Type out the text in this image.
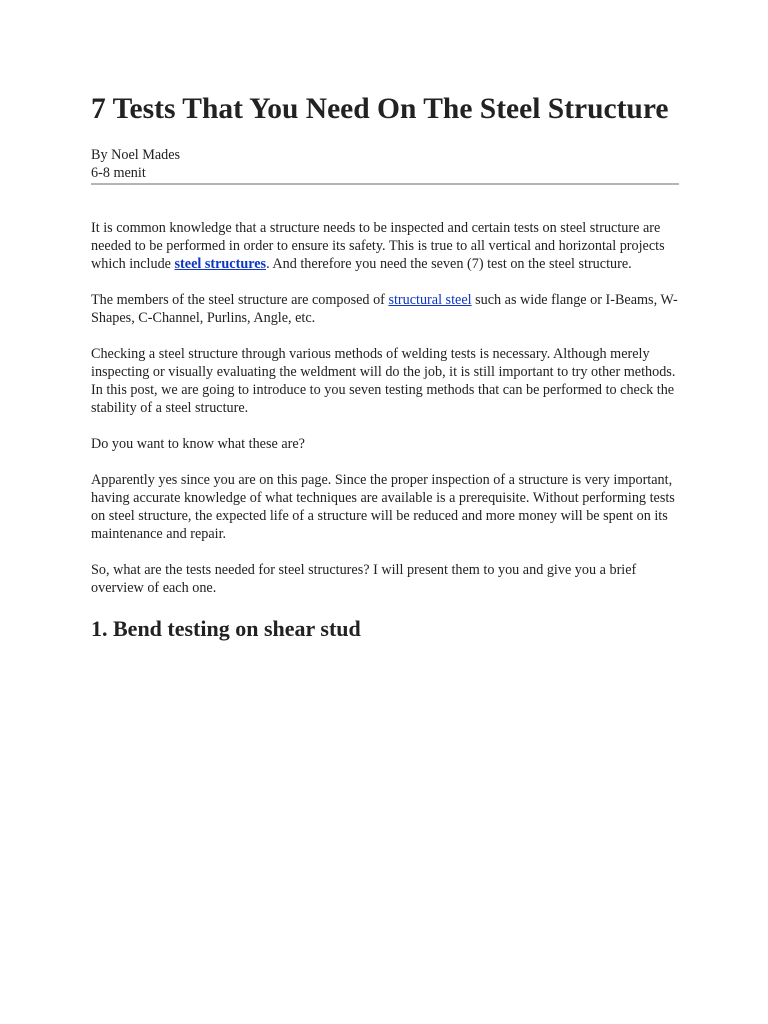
7 Tests That You Need On The Steel Structure
By Noel Mades
6-8 menit

It is common knowledge that a structure needs to be inspected and certain tests on steel structure are needed to be performed in order to ensure its safety. This is true to all vertical and horizontal projects which include steel structures. And therefore you need the seven (7) test on the steel structure.

The members of the steel structure are composed of structural steel such as wide flange or I-Beams, W-Shapes, C-Channel, Purlins, Angle, etc.

Checking a steel structure through various methods of welding tests is necessary. Although merely inspecting or visually evaluating the weldment will do the job, it is still important to try other methods. In this post, we are going to introduce to you seven testing methods that can be performed to check the stability of a steel structure.

Do you want to know what these are?

Apparently yes since you are on this page. Since the proper inspection of a structure is very important, having accurate knowledge of what techniques are available is a prerequisite. Without performing tests on steel structure, the expected life of a structure will be reduced and more money will be spent on its maintenance and repair.

So, what are the tests needed for steel structures? I will present them to you and give you a brief overview of each one.

1. Bend testing on shear stud
